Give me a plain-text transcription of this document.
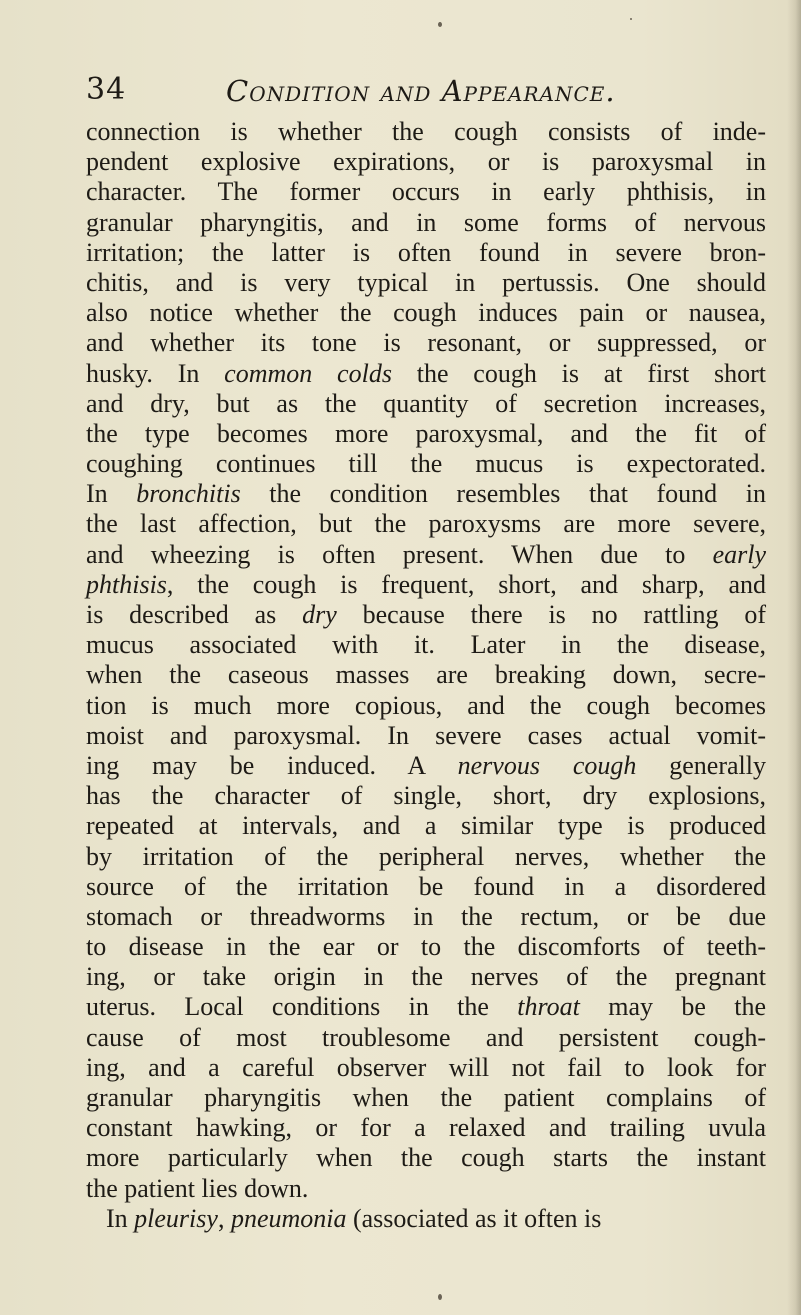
34	Condition and Appearance.
connection is whether the cough consists of inde-
pendent explosive expirations, or is paroxysmal in
character. The former occurs in early phthisis, in
granular pharyngitis, and in some forms of nervous
irritation; the latter is often found in severe bron-
chitis, and is very typical in pertussis. One should
also notice whether the cough induces pain or nausea,
and whether its tone is resonant, or suppressed, or
husky. In common colds the cough is at first short
and dry, but as the quantity of secretion increases,
the type becomes more paroxysmal, and the fit of
coughing continues till the mucus is expectorated.
In bronchitis the condition resembles that found in
the last affection, but the paroxysms are more severe,
and wheezing is often present. When due to early
phthisis, the cough is frequent, short, and sharp, and
is described as dry because there is no rattling of
mucus associated with it. Later in the disease,
when the caseous masses are breaking down, secre-
tion is much more copious, and the cough becomes
moist and paroxysmal. In severe cases actual vomit-
ing may be induced. A nervous cough generally
has the character of single, short, dry explosions,
repeated at intervals, and a similar type is produced
by irritation of the peripheral nerves, whether the
source of the irritation be found in a disordered
stomach or threadworms in the rectum, or be due
to disease in the ear or to the discomforts of teeth-
ing, or take origin in the nerves of the pregnant
uterus. Local conditions in the throat may be the
cause of most troublesome and persistent cough-
ing, and a careful observer will not fail to look for
granular pharyngitis when the patient complains of
constant hawking, or for a relaxed and trailing uvula
more particularly when the cough starts the instant
the patient lies down.
In pleurisy, pneumonia (associated as it often is
